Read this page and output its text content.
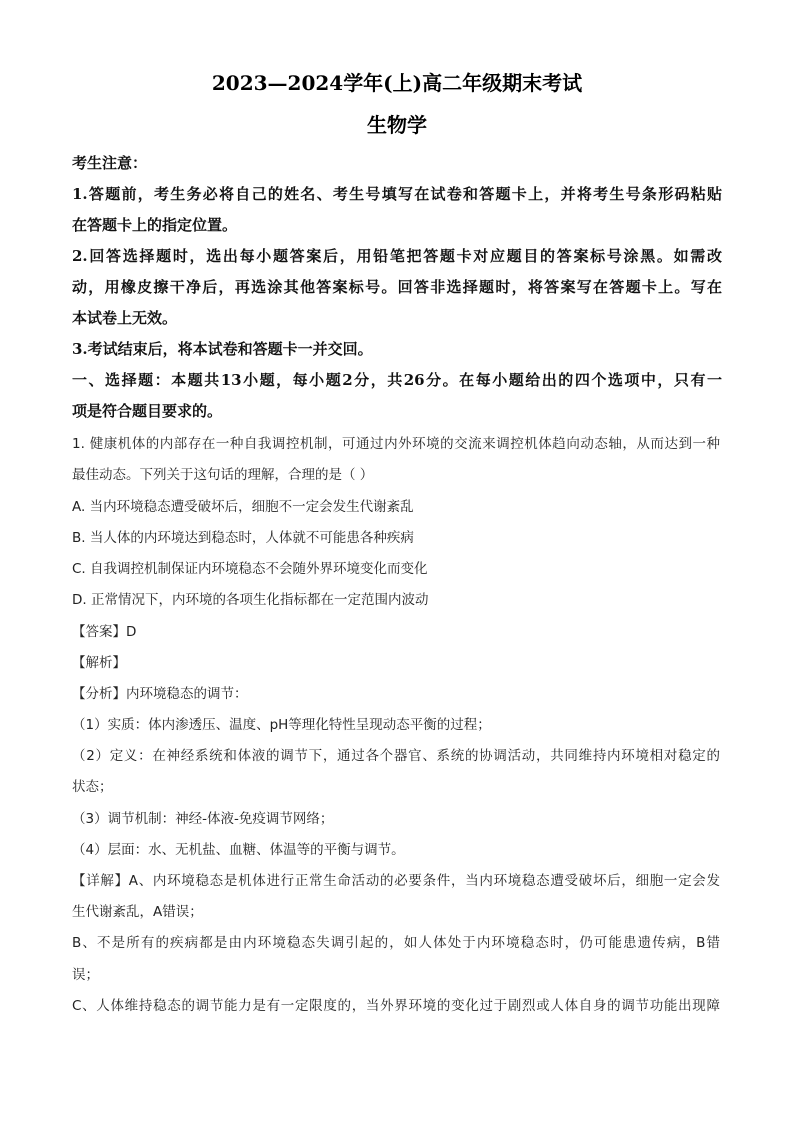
2023—2024学年(上)高二年级期末考试
生物学
考生注意：
1.答题前，考生务必将自己的姓名、考生号填写在试卷和答题卡上，并将考生号条形码粘贴
在答题卡上的指定位置。
2.回答选择题时，选出每小题答案后，用铅笔把答题卡对应题目的答案标号涂黑。如需改
动，用橡皮擦干净后，再选涂其他答案标号。回答非选择题时，将答案写在答题卡上。写在
本试卷上无效。
3.考试结束后，将本试卷和答题卡一并交回。
一、选择题：本题共13小题，每小题2分，共26分。在每小题给出的四个选项中，只有一
项是符合题目要求的。
1. 健康机体的内部存在一种自我调控机制，可通过内外环境的交流来调控机体趋向动态轴，从而达到一种
最佳动态。下列关于这句话的理解，合理的是（ ）
A. 当内环境稳态遭受破坏后，细胞不一定会发生代谢紊乱
B. 当人体的内环境达到稳态时，人体就不可能患各种疾病
C. 自我调控机制保证内环境稳态不会随外界环境变化而变化
D. 正常情况下，内环境的各项生化指标都在一定范围内波动
【答案】D
【解析】
【分析】内环境稳态的调节：
（1）实质：体内渗透压、温度、pH等理化特性呈现动态平衡的过程；
（2）定义：在神经系统和体液的调节下，通过各个器官、系统的协调活动，共同维持内环境相对稳定的
状态；
（3）调节机制：神经-体液-免疫调节网络；
（4）层面：水、无机盐、血糖、体温等的平衡与调节。
【详解】A、内环境稳态是机体进行正常生命活动的必要条件，当内环境稳态遭受破坏后，细胞一定会发
生代谢紊乱，A错误；
B、不是所有的疾病都是由内环境稳态失调引起的，如人体处于内环境稳态时，仍可能患遗传病，B错
误；
C、人体维持稳态的调节能力是有一定限度的，当外界环境的变化过于剧烈或人体自身的调节功能出现障
